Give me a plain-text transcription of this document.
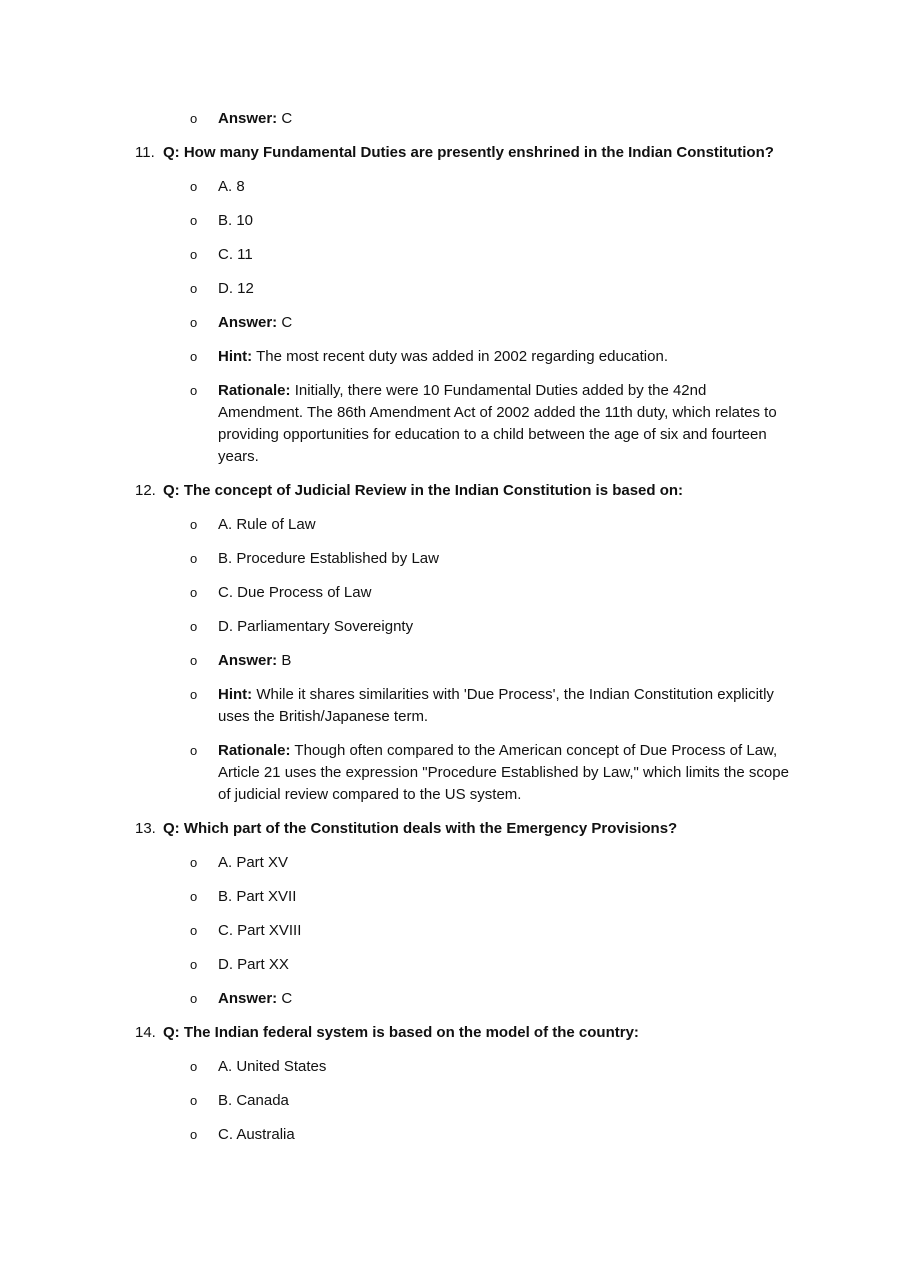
o Answer: C

11. Q: How many Fundamental Duties are presently enshrined in the Indian Constitution?

o A. 8
o B. 10
o C. 11
o D. 12
o Answer: C
o Hint: The most recent duty was added in 2002 regarding education.
o Rationale: Initially, there were 10 Fundamental Duties added by the 42nd Amendment. The 86th Amendment Act of 2002 added the 11th duty, which relates to providing opportunities for education to a child between the age of six and fourteen years.

12. Q: The concept of Judicial Review in the Indian Constitution is based on:

o A. Rule of Law
o B. Procedure Established by Law
o C. Due Process of Law
o D. Parliamentary Sovereignty
o Answer: B
o Hint: While it shares similarities with 'Due Process', the Indian Constitution explicitly uses the British/Japanese term.
o Rationale: Though often compared to the American concept of Due Process of Law, Article 21 uses the expression "Procedure Established by Law," which limits the scope of judicial review compared to the US system.

13. Q: Which part of the Constitution deals with the Emergency Provisions?

o A. Part XV
o B. Part XVII
o C. Part XVIII
o D. Part XX
o Answer: C

14. Q: The Indian federal system is based on the model of the country:

o A. United States
o B. Canada
o C. Australia
